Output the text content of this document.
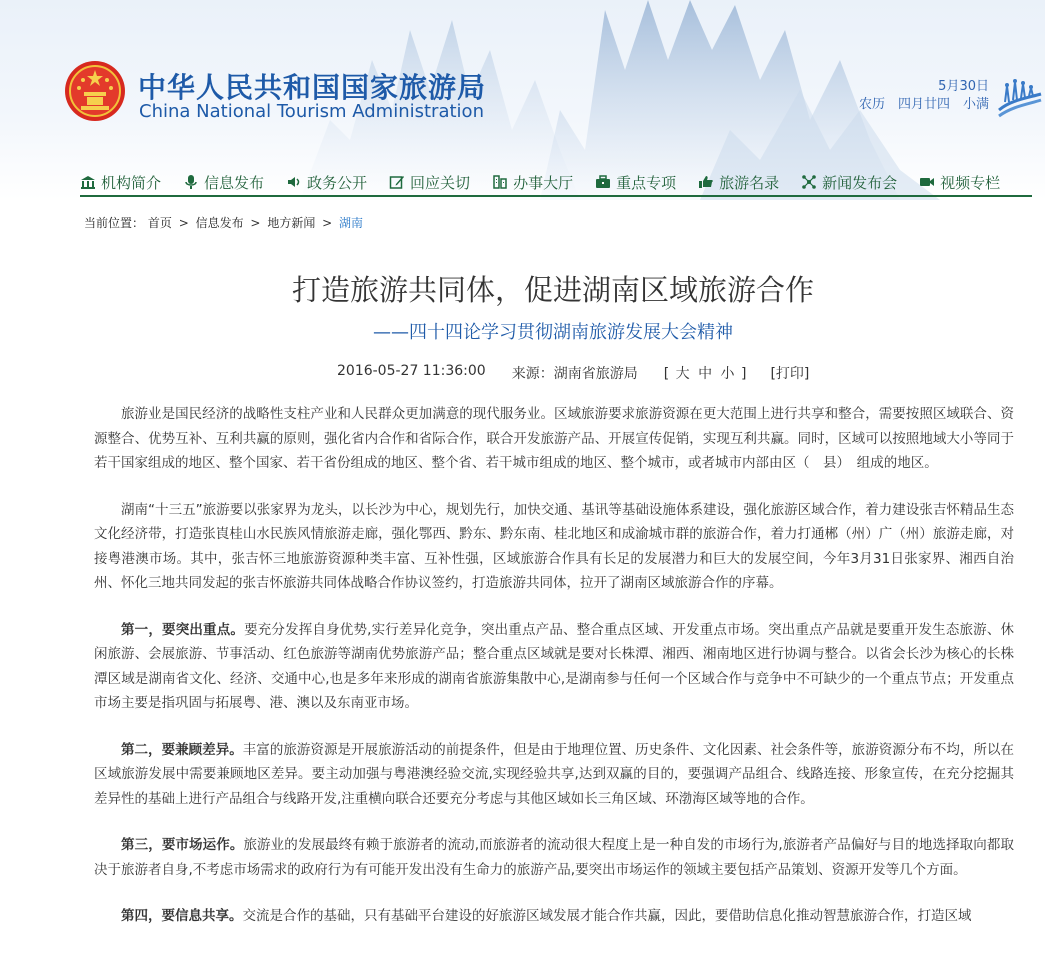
中华人民共和国国家旅游局
China National Tourism Administration
5月30日
农历　四月廿四　小满
机构简介	信息发布	政务公开	回应关切	办事大厅	重点专项	旅游名录	新闻发布会	视频专栏
当前位置： 首页 > 信息发布 > 地方新闻 > 湖南
打造旅游共同体，促进湖南区域旅游合作
——四十四论学习贯彻湖南旅游发展大会精神
2016-05-27 11:36:00 来源：湖南省旅游局 [ 大 中 小 ] [打印]

旅游业是国民经济的战略性支柱产业和人民群众更加满意的现代服务业。区域旅游要求旅游资源在更大范围上进行共享和整合，需要按照区域联合、资源整合、优势互补、互利共赢的原则，强化省内合作和省际合作，联合开发旅游产品、开展宣传促销，实现互利共赢。同时，区域可以按照地域大小等同于若干国家组成的地区、整个国家、若干省份组成的地区、整个省、若干城市组成的地区、整个城市，或者城市内部由区（　县）　组成的地区。

湖南“十三五”旅游要以张家界为龙头，以长沙为中心，规划先行，加快交通、基讯等基础设施体系建设，强化旅游区域合作，着力建设张吉怀精品生态文化经济带，打造张崀桂山水民族风情旅游走廊，强化鄂西、黔东、黔东南、桂北地区和成渝城市群的旅游合作，着力打通郴（州）广（州）旅游走廊，对接粤港澳市场。其中，张吉怀三地旅游资源种类丰富、互补性强，区域旅游合作具有长足的发展潜力和巨大的发展空间，今年3月31日张家界、湘西自治州、怀化三地共同发起的张吉怀旅游共同体战略合作协议签约，打造旅游共同体，拉开了湖南区域旅游合作的序幕。

第一，要突出重点。要充分发挥自身优势,实行差异化竞争，突出重点产品、整合重点区域、开发重点市场。突出重点产品就是要重开发生态旅游、休闲旅游、会展旅游、节事活动、红色旅游等湖南优势旅游产品；整合重点区域就是要对长株潭、湘西、湘南地区进行协调与整合。以省会长沙为核心的长株潭区域是湖南省文化、经济、交通中心,也是多年来形成的湖南省旅游集散中心,是湖南参与任何一个区域合作与竞争中不可缺少的一个重点节点；开发重点市场主要是指巩固与拓展粤、港、澳以及东南亚市场。

第二，要兼顾差异。丰富的旅游资源是开展旅游活动的前提条件，但是由于地理位置、历史条件、文化因素、社会条件等，旅游资源分布不均，所以在区域旅游发展中需要兼顾地区差异。要主动加强与粤港澳经验交流,实现经验共享,达到双赢的目的，要强调产品组合、线路连接、形象宣传，在充分挖掘其差异性的基础上进行产品组合与线路开发,注重横向联合还要充分考虑与其他区域如长三角区域、环渤海区域等地的合作。

第三，要市场运作。旅游业的发展最终有赖于旅游者的流动,而旅游者的流动很大程度上是一种自发的市场行为,旅游者产品偏好与目的地选择取向都取决于旅游者自身,不考虑市场需求的政府行为有可能开发出没有生命力的旅游产品,要突出市场运作的领域主要包括产品策划、资源开发等几个方面。

第四，要信息共享。交流是合作的基础，只有基础平台建设的好旅游区域发展才能合作共赢，因此，要借助信息化推动智慧旅游合作，打造区域
